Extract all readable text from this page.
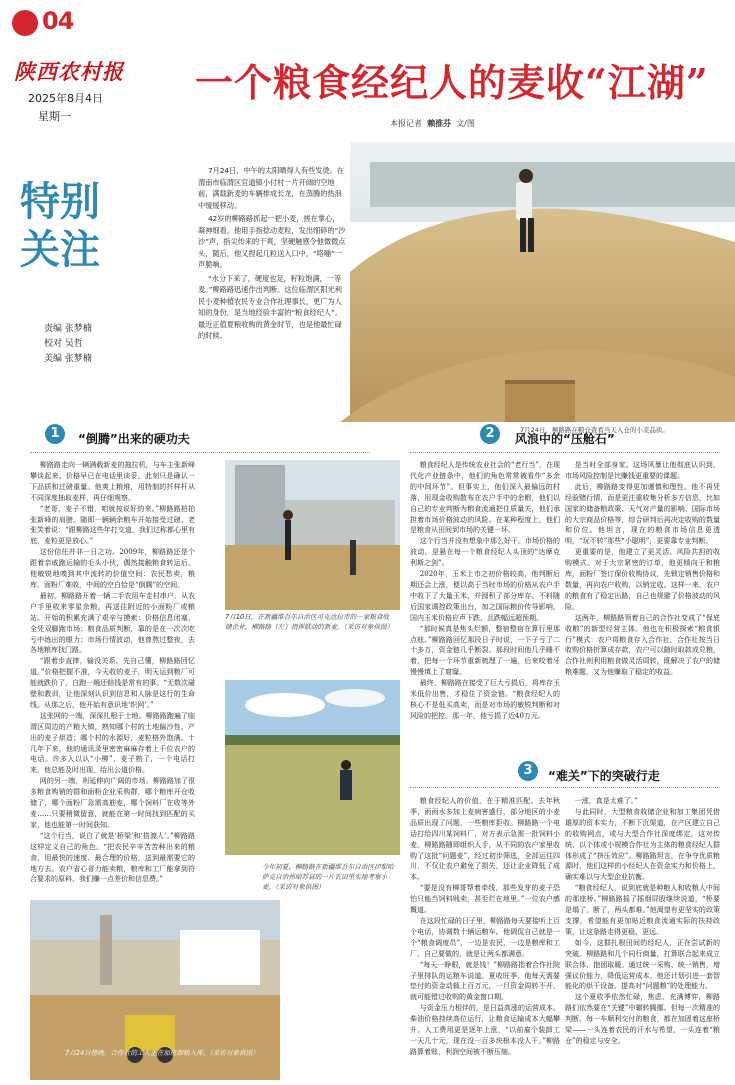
04
陕西农村报
2025年8月4日
星期一
一个粮食经纪人的麦收“江湖”
本报记者 赖推芬 文/图
特别关注
责编 张梦楠
校对 吴哲
美编 张梦楠

7月24日，中午的太阳晒得人有些发烫。在渭南市临渭区官道镇小付村一片开阔的空地前，满载新麦的车辆排成长龙，在蒸腾的热浪中缓缓移动。

42岁的柳路路抓起一把小麦，搓在掌心，凝神细看。他用手指捻动麦粒，发出细碎的“沙沙”声，指尖传来的干爽，坚硬触感令他微微点头，随后，他又捏起几粒送入口中，“咯嘣”一声脆响。

“水分下来了，硬度也足，籽粒饱满，一等麦。”柳路路迅速作出判断。这位临渭区阳光利民小麦种植农民专业合作社理事长，更广为人知的身份，是当地经验丰富的“粮食经纪人”。最近正值夏粮收购的黄金时节，也是他最忙碌的时候。

7月24日，柳路路在粮仓查看当天入仓的小麦品质。
1	“倒腾”出来的硬功夫	2	风浪中的“压舱石”

柳路路走向一辆满载新麦的拖拉机，与车主张新峰攀谈起来。价格早已在电话里谈妥，此刻只是确认一下品质和过磅重量。他爽上粮堆，用特制的扦样杆从不同深度抽取麦样，再仔细观察。

“老哥，麦子不错，咱就按说好的来。”柳路路拍拍张新峰的肩膀。随即一辆辆余粮车开始接受过磅。老张笑着说：“跟柳路这些年打交道，我们过称都心里有底，麦粒更是放心。”

这份信任并非一日之功。2009年，柳路路还是个跟着亲戚跑运输的毛头小伙，偶然接触粮食转运后，他敏锐地嗅到其中流转的价值空间：农民愁卖，粮库、面粉厂难收，中间的空白恰是“倒腾”的空间。

最初，柳路路开着一辆二手农用车走村串户，从农户手里收来零星余粮，再送往附近的小面粉厂或粮站。开始的积累充满了艰辛与摸索：价格信息闭塞，全凭双脚跑市场；粮食品质判断，靠的是在一次次吃亏中练出的眼力；市场行情波动，他曾熬过整夜，去各地粮库找门路。

“跟着步直摔，输没关系，先自己懂，柳路路回忆道。”价格把握不准，今天收的麦子，明天运到粮厂可能就跌价了，白跑一趟还赔钱是常有的事。“无数次碰壁和教训，让他深刻认识到信息和人脉是这行的生命线。从那之后，他开始有意识地‘织网’。”

这张网的一端，深深扎根于土地。柳路路跑遍了临渭区周边的产粮大镇，熟知哪个村的土地偏沙性、产出的麦子烘造；哪个村的水源好，麦粒格外饱满。十几年下来，他的通讯录里密密麻麻存着上千位农户的电话。许多人以认“小柳”，麦子熟了，一个电话打来，他总能及时出现，给出公道价格。

网的另一端，则延伸向广阔的市场。柳路路加了很多粮食购销的群和面粉企业采购群，哪个粮库开仓收储了，哪个面粉厂急需高筋麦，哪个饲料厂在收等外麦……只要稍微留意，就能在第一时间找到匹配的买家，他也能第一时间获知。

“这个行当，说白了就是‘桥梁’和‘搭渡人’。”柳路路这样定义自己的角色。“把农民辛辛苦苦种出来的粮食，用最快的速度、最合理的价格，送到最需要它的地方去。农户省心省力能卖粮，粮库和工厂能拿到符合要求的原料，我们赚一点差价和信息费。”

7月10日，在新疆维吾尔自治区可克达拉市的一家粮食收储企业，柳路路（左）指挥联动的新麦。（采访对象供图）

粮食经纪人是传统农业社会的“老行当”，在现代化产业链条中，他们的角色常常被看作“多余的中间环节”。但事实上，他们深入最偏远的村落，用现金收购散布在农户手中的余粮，他们以自己的专业判断为粮食流通把住质量关，他们承担着市场价格波动的风险。在某种程度上，他们是粮食从田间到市场的关键一环。

这个行当并没有想象中那么好干。市场价格的波动，是悬在每一个粮食经纪人头顶的“达摩克利斯之剑”。

2020年，玉米上市之初价格较高，他判断后期还会上涨，便以高于当时市场的价格从农户手中收下了大量玉米，并囤积了部分库存。不料随后国家调控政策出台，加之国际粮价传导影响，国内玉米价格应声下跌，且跌幅远超预期。

“那时候真是焦头烂额，整宿整宿在算行里那点账。”柳路路回忆那段日子时说，一下子亏了二十多万，资金链几乎断裂。那段时间他几乎睡不着，把每一个环节重新梳理了一遍，后来咬着牙慢慢填上了窟窿。

最终，柳路路在接受了巨大亏损后，将库存玉米低价出售，才稳住了资金链。“粮食经纪人的核心不是低买高卖，而是对市场的敏锐判断和对风险的把控。那一年，他亏损了近40万元。

是当时全部身家。这场风暴让他彻底认识到，市场风险控制是比赚钱更重要的课题。

此后，柳路路变得更加谨慎和理性。他不再凭经验赌行情，而是更注重收集分析多方信息，比如国家的储备粮政策、天气对产量的影响、国际市场的大宗商品价格等，综合研判后再决定收购的数量和价位。他坦言，现在的粮食市场信息更透明，“玩不转”那些“小聪明”，更要靠专业判断。

更重要的是，他建立了更灵活、风险共担的收购模式。对于大宗紧密的订单，他更倾向于和粮库、面粉厂签订保价收购协议，先锁定销售价格和数量，再向农户收购，以销定收。这样一来，农户的粮食有了稳定出路，自己也规避了价格波动的风险。

这两年，柳路路领着自己的合作社变成了“保底收粮”的新型经营主体。他也在积极探索“粮食银行”模式：农户将粮食存入合作社，合作社按当日收购价格折算成存款，农户可以随时取款或兑粮，合作社则利用粮食做灵活周转，既解决了农户的储粮难题，又为他赚取了稳定的收益。

今年初夏，柳路路在新疆维吾尔自治区伊犁哈萨克自治州昭苏县的一片农田里实地考察小麦。（采访对象供图）
3	“难关”下的突破行走

粮食经纪人的价值，在于精准匹配。去年秋季，雨雨水多加上麦病害盛行，部分地区的小麦品质出现了问题，一些粮库拒收。柳路路一个电话打给四川某饲料厂，对方表示急需一批饲料小麦。柳路路随即组织人手，从不同的农户家里收购了这批“问题麦”，经过初步筛选，全部运往四川，不仅让农户避免了损失，还让企业降低了成本。

“要是没有柳哥帮着牵线，那些发芽的麦子恐怕只能当饲料贱卖，甚至烂在地里。”一位农户感慨道。

在这段忙碌的日子里，柳路路每天要接听上百个电话，协调数十辆运粮车。他调侃自己就是一个“粮食调度员”，一边是农民，一边是粮库和工厂，自己要做的，就是让两头都满意。

“每天一睁眼，就是钱！”柳路路指着合作社院子里排队的运粮车说道。夏收旺季，他每天需要垫付的资金动辄上百万元，一旦资金周转不开，就可能错过收购的黄金窗口期。

与资金压力相伴的，是日益高涨的运营成本。柴油价格持续高位运行，让粮食运输成本大幅攀升。人工费用更是逐年上涨，“以前雇个装卸工一天几十元，现在没一百多块根本没人干。”柳路路算着账，利润空间被不断压缩。

一涨，真是太难了。”

与此同时，大型粮食收储企业和加工集团凭借雄厚的资本实力，不断下沉渠道，在产区建立自己的收购网点，或与大型合作社深度绑定，这对传统、以个体或小规模合作社为主体的粮食经纪人群体形成了“挤压效应”。柳路路坦言，在争夺优质粮源时，他们这样的小经纪人在资金实力和价格上，确实难以与大型企业抗衡。

“粮食经纪人，说到底就是种粮人和收粮人中间的那座桥。”柳路路摇了摇烟屁股继续说道，“桥要是塌了，断了，两头都难。”他渴望有更坚实的政策支撑，希望能有更加贴近粮食流通实际的扶持政策，让这条路走得更稳、更远。

如今，这群扎根田间的经纪人，正在尝试新的突破。柳路路和几个同行商量，打算联合起来成立联合体，抱团取暖。通过统一采购、统一销售，增强议价能力，降低运营成本。他还计划引进一套智能化的烘干设备，提高对“问题粮”的处理能力。

这个夏收季依然忙碌，焦虑、充满博弈，柳路路们依然要在“关键”中辗转腾挪。但每一次精准的判断，每一车顺利交付的粮食，都在加固着这座桥梁——一头连着农民的汗水与希望，一头连着“粮仓”的稳定与安全。

7月24日傍晚，合作社的工人正在加班卸粮入库。（采访对象供图）
